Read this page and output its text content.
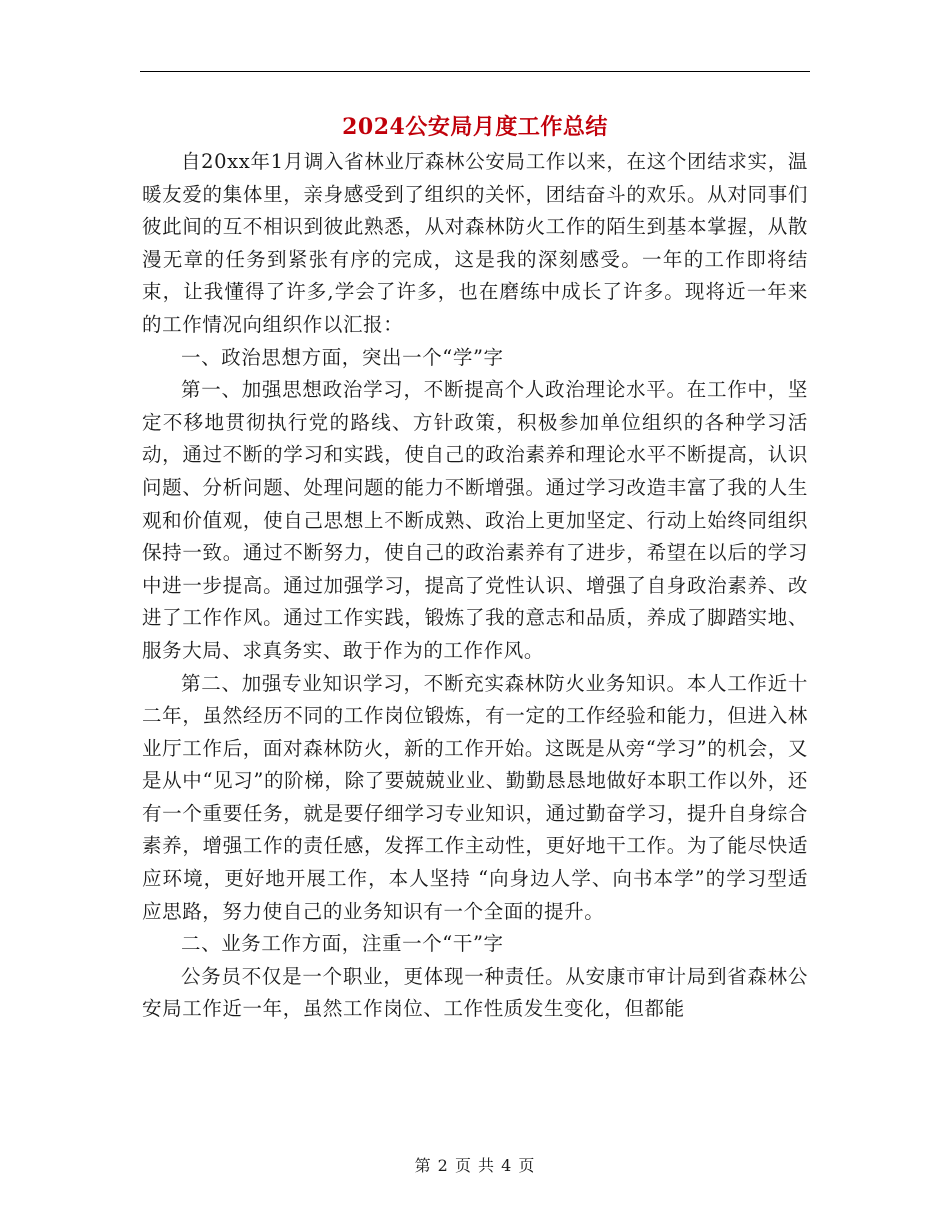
2024公安局月度工作总结

自20xx年1月调入省林业厅森林公安局工作以来，在这个团结求实，温暖友爱的集体里，亲身感受到了组织的关怀，团结奋斗的欢乐。从对同事们彼此间的互不相识到彼此熟悉，从对森林防火工作的陌生到基本掌握，从散漫无章的任务到紧张有序的完成，这是我的深刻感受。一年的工作即将结束，让我懂得了许多,学会了许多，也在磨练中成长了许多。现将近一年来的工作情况向组织作以汇报：

一、政治思想方面，突出一个“学”字

第一、加强思想政治学习，不断提高个人政治理论水平。在工作中，坚定不移地贯彻执行党的路线、方针政策，积极参加单位组织的各种学习活动，通过不断的学习和实践，使自己的政治素养和理论水平不断提高，认识问题、分析问题、处理问题的能力不断增强。通过学习改造丰富了我的人生观和价值观，使自己思想上不断成熟、政治上更加坚定、行动上始终同组织保持一致。通过不断努力，使自己的政治素养有了进步，希望在以后的学习中进一步提高。通过加强学习，提高了党性认识、增强了自身政治素养、改进了工作作风。通过工作实践，锻炼了我的意志和品质，养成了脚踏实地、服务大局、求真务实、敢于作为的工作作风。

第二、加强专业知识学习，不断充实森林防火业务知识。本人工作近十二年，虽然经历不同的工作岗位锻炼，有一定的工作经验和能力，但进入林业厅工作后，面对森林防火，新的工作开始。这既是从旁“学习”的机会，又是从中“见习”的阶梯，除了要兢兢业业、勤勤恳恳地做好本职工作以外，还有一个重要任务，就是要仔细学习专业知识，通过勤奋学习，提升自身综合素养，增强工作的责任感，发挥工作主动性，更好地干工作。为了能尽快适应环境，更好地开展工作，本人坚持 “向身边人学、向书本学”的学习型适应思路，努力使自己的业务知识有一个全面的提升。

二、业务工作方面，注重一个“干”字

公务员不仅是一个职业，更体现一种责任。从安康市审计局到省森林公安局工作近一年，虽然工作岗位、工作性质发生变化，但都能

第 2 页 共 4 页
